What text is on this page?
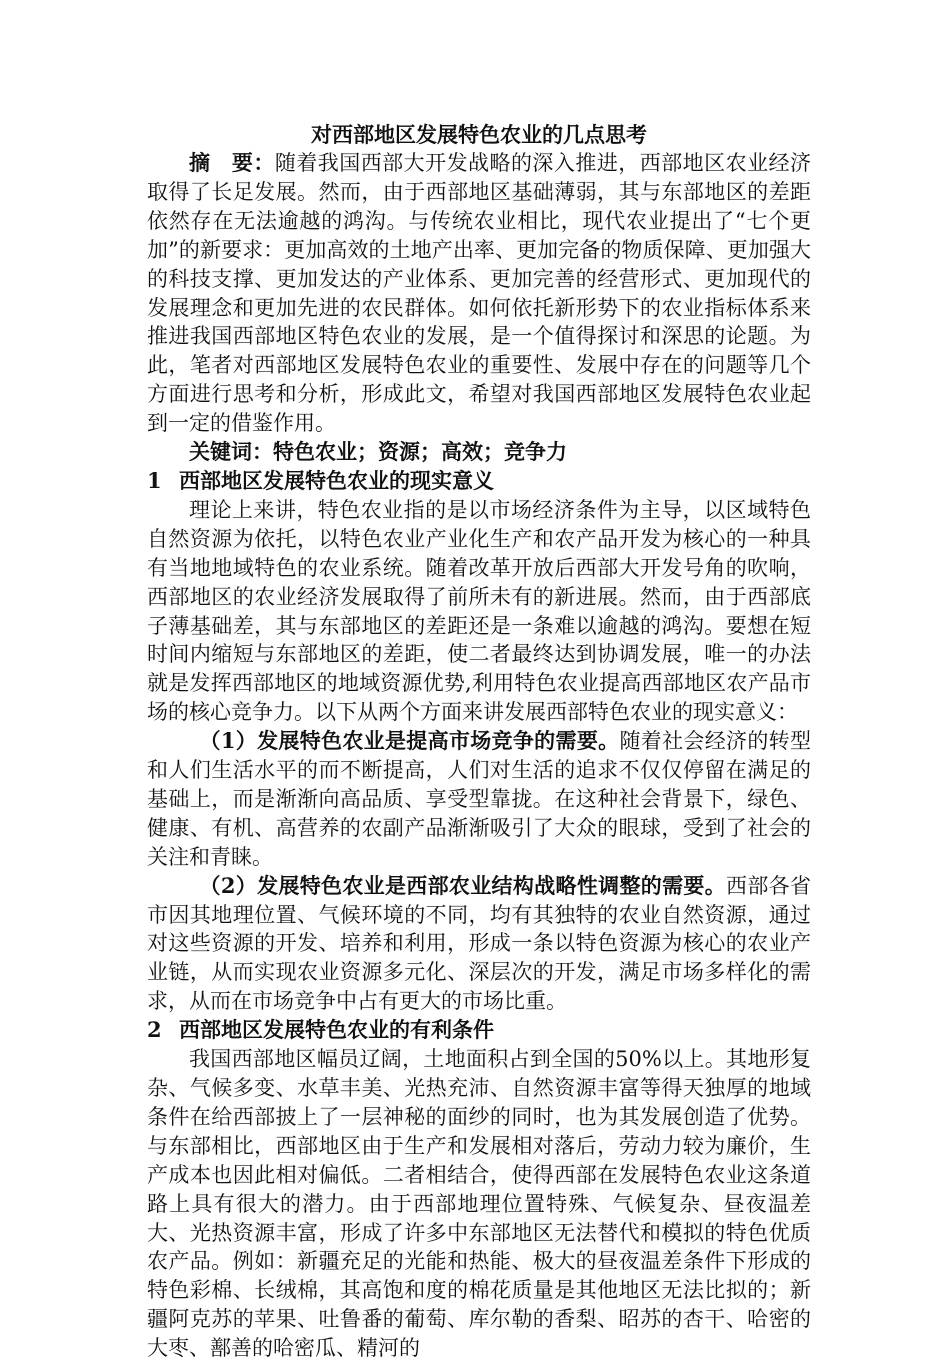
对西部地区发展特色农业的几点思考

摘　要：随着我国西部大开发战略的深入推进，西部地区农业经济取得了长足发展。然而，由于西部地区基础薄弱，其与东部地区的差距依然存在无法逾越的鸿沟。与传统农业相比，现代农业提出了“七个更加”的新要求：更加高效的土地产出率、更加完备的物质保障、更加强大的科技支撑、更加发达的产业体系、更加完善的经营形式、更加现代的发展理念和更加先进的农民群体。如何依托新形势下的农业指标体系来推进我国西部地区特色农业的发展，是一个值得探讨和深思的论题。为此，笔者对西部地区发展特色农业的重要性、发展中存在的问题等几个方面进行思考和分析，形成此文，希望对我国西部地区发展特色农业起到一定的借鉴作用。

关键词：特色农业；资源；高效；竞争力

1 西部地区发展特色农业的现实意义

理论上来讲，特色农业指的是以市场经济条件为主导，以区域特色自然资源为依托，以特色农业产业化生产和农产品开发为核心的一种具有当地地域特色的农业系统。随着改革开放后西部大开发号角的吹响，西部地区的农业经济发展取得了前所未有的新进展。然而，由于西部底子薄基础差，其与东部地区的差距还是一条难以逾越的鸿沟。要想在短时间内缩短与东部地区的差距，使二者最终达到协调发展，唯一的办法就是发挥西部地区的地域资源优势,利用特色农业提高西部地区农产品市场的核心竞争力。以下从两个方面来讲发展西部特色农业的现实意义：

（1）发展特色农业是提高市场竞争的需要。随着社会经济的转型和人们生活水平的而不断提高，人们对生活的追求不仅仅停留在满足的基础上，而是渐渐向高品质、享受型靠拢。在这种社会背景下，绿色、健康、有机、高营养的农副产品渐渐吸引了大众的眼球，受到了社会的关注和青睐。

（2）发展特色农业是西部农业结构战略性调整的需要。西部各省市因其地理位置、气候环境的不同，均有其独特的农业自然资源，通过对这些资源的开发、培养和利用，形成一条以特色资源为核心的农业产业链，从而实现农业资源多元化、深层次的开发，满足市场多样化的需求，从而在市场竞争中占有更大的市场比重。

2 西部地区发展特色农业的有利条件

我国西部地区幅员辽阔，土地面积占到全国的50%以上。其地形复杂、气候多变、水草丰美、光热充沛、自然资源丰富等得天独厚的地域条件在给西部披上了一层神秘的面纱的同时，也为其发展创造了优势。与东部相比，西部地区由于生产和发展相对落后，劳动力较为廉价，生产成本也因此相对偏低。二者相结合，使得西部在发展特色农业这条道路上具有很大的潜力。由于西部地理位置特殊、气候复杂、昼夜温差大、光热资源丰富，形成了许多中东部地区无法替代和模拟的特色优质农产品。例如：新疆充足的光能和热能、极大的昼夜温差条件下形成的特色彩棉、长绒棉，其高饱和度的棉花质量是其他地区无法比拟的；新疆阿克苏的苹果、吐鲁番的葡萄、库尔勒的香梨、昭苏的杏干、哈密的大枣、鄯善的哈密瓜、精河的
